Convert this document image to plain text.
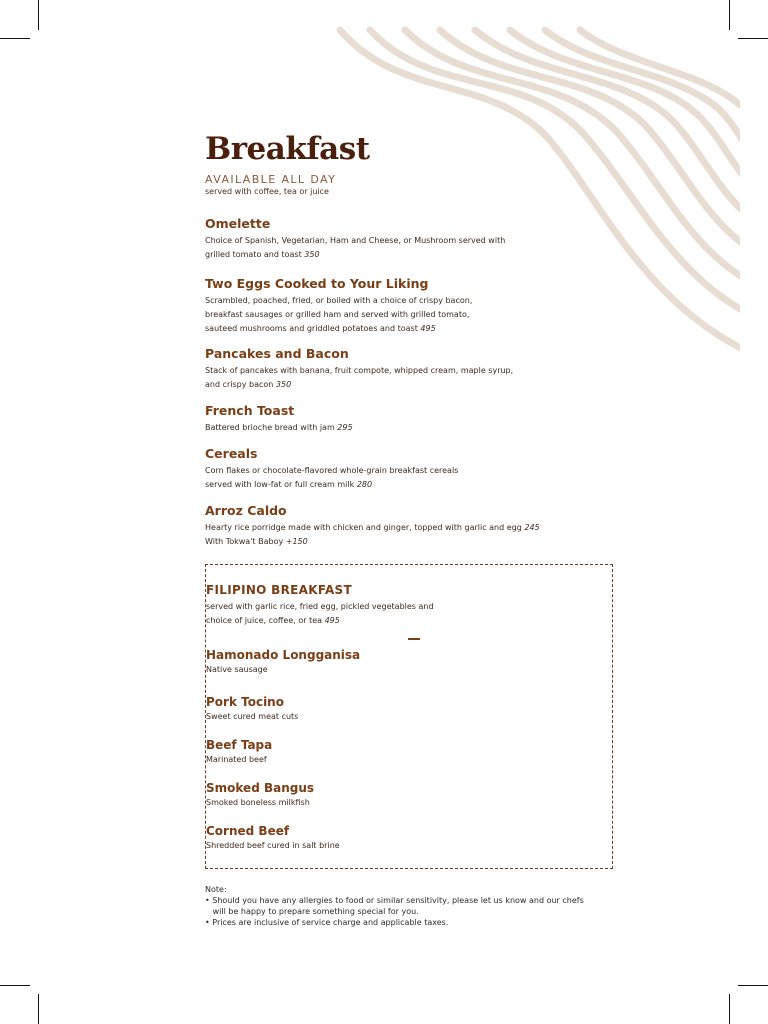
Breakfast
AVAILABLE ALL DAY
served with coffee, tea or juice
Omelette
Choice of Spanish, Vegetarian, Ham and Cheese, or Mushroom served with
grilled tomato and toast 350
Two Eggs Cooked to Your Liking
Scrambled, poached, fried, or boiled with a choice of crispy bacon,
breakfast sausages or grilled ham and served with grilled tomato,
sauteed mushrooms and griddled potatoes and toast 495
Pancakes and Bacon
Stack of pancakes with banana, fruit compote, whipped cream, maple syrup,
and crispy bacon 350
French Toast
Battered brioche bread with jam 295
Cereals
Corn flakes or chocolate-flavored whole-grain breakfast cereals
served with low-fat or full cream milk 280
Arroz Caldo
Hearty rice porridge made with chicken and ginger, topped with garlic and egg 245
With Tokwa't Baboy +150
FILIPINO BREAKFAST
served with garlic rice, fried egg, pickled vegetables and
choice of juice, coffee, or tea 495
Hamonado Longganisa
Native sausage
Pork Tocino
Sweet cured meat cuts
Beef Tapa
Marinated beef
Smoked Bangus
Smoked boneless milkfish
Corned Beef
Shredded beef cured in salt brine
Note:
• Should you have any allergies to food or similar sensitivity, please let us know and our chefs
will be happy to prepare something special for you.
• Prices are inclusive of service charge and applicable taxes.
